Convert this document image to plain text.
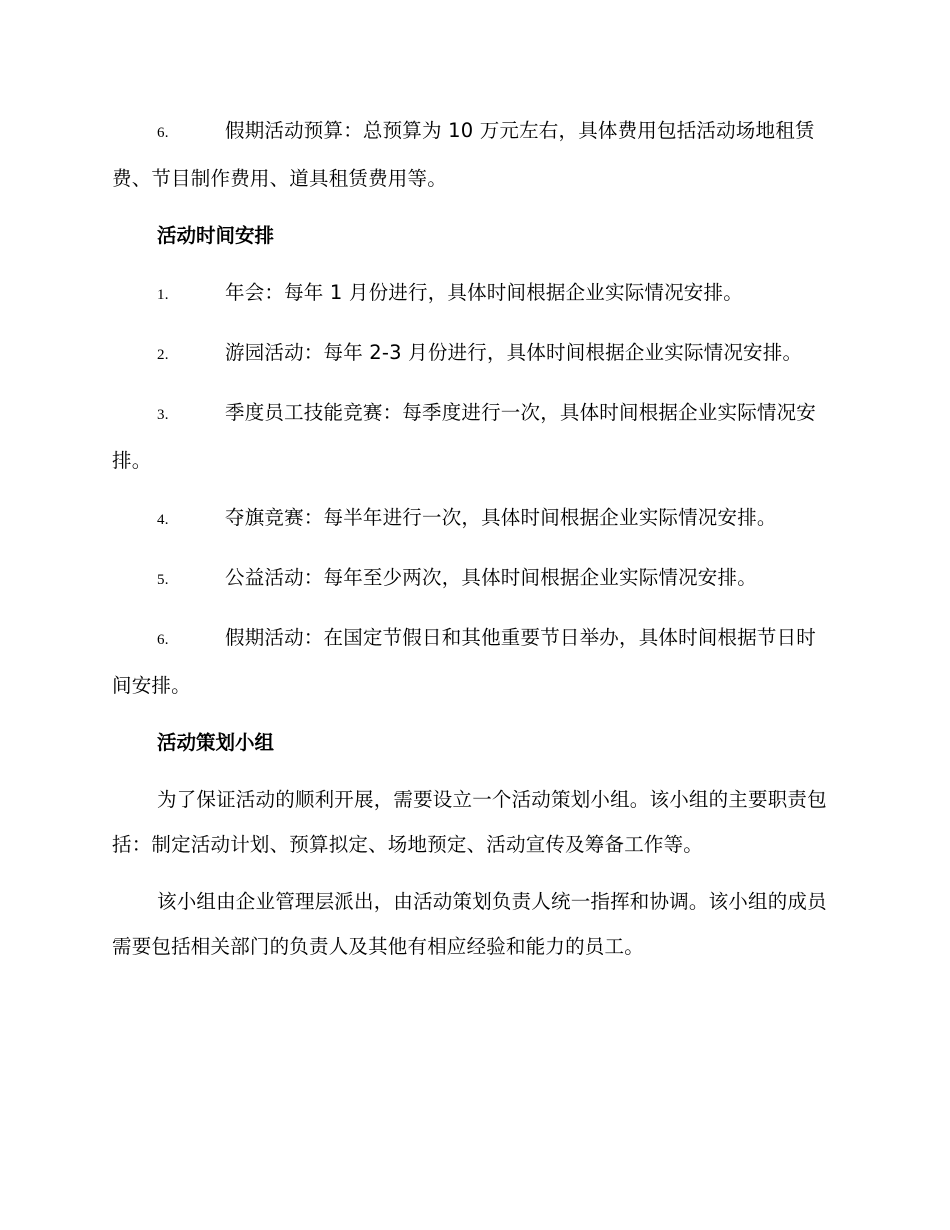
6.	假期活动预算：总预算为 10 万元左右，具体费用包括活动场地租赁费、节目制作费用、道具租赁费用等。

活动时间安排

1.	年会：每年 1 月份进行，具体时间根据企业实际情况安排。

2.	游园活动：每年 2-3 月份进行，具体时间根据企业实际情况安排。

3.	季度员工技能竞赛：每季度进行一次，具体时间根据企业实际情况安排。

4.	夺旗竞赛：每半年进行一次，具体时间根据企业实际情况安排。

5.	公益活动：每年至少两次，具体时间根据企业实际情况安排。

6.	假期活动：在国定节假日和其他重要节日举办，具体时间根据节日时间安排。

活动策划小组

为了保证活动的顺利开展，需要设立一个活动策划小组。该小组的主要职责包括：制定活动计划、预算拟定、场地预定、活动宣传及筹备工作等。

该小组由企业管理层派出，由活动策划负责人统一指挥和协调。该小组的成员需要包括相关部门的负责人及其他有相应经验和能力的员工。
